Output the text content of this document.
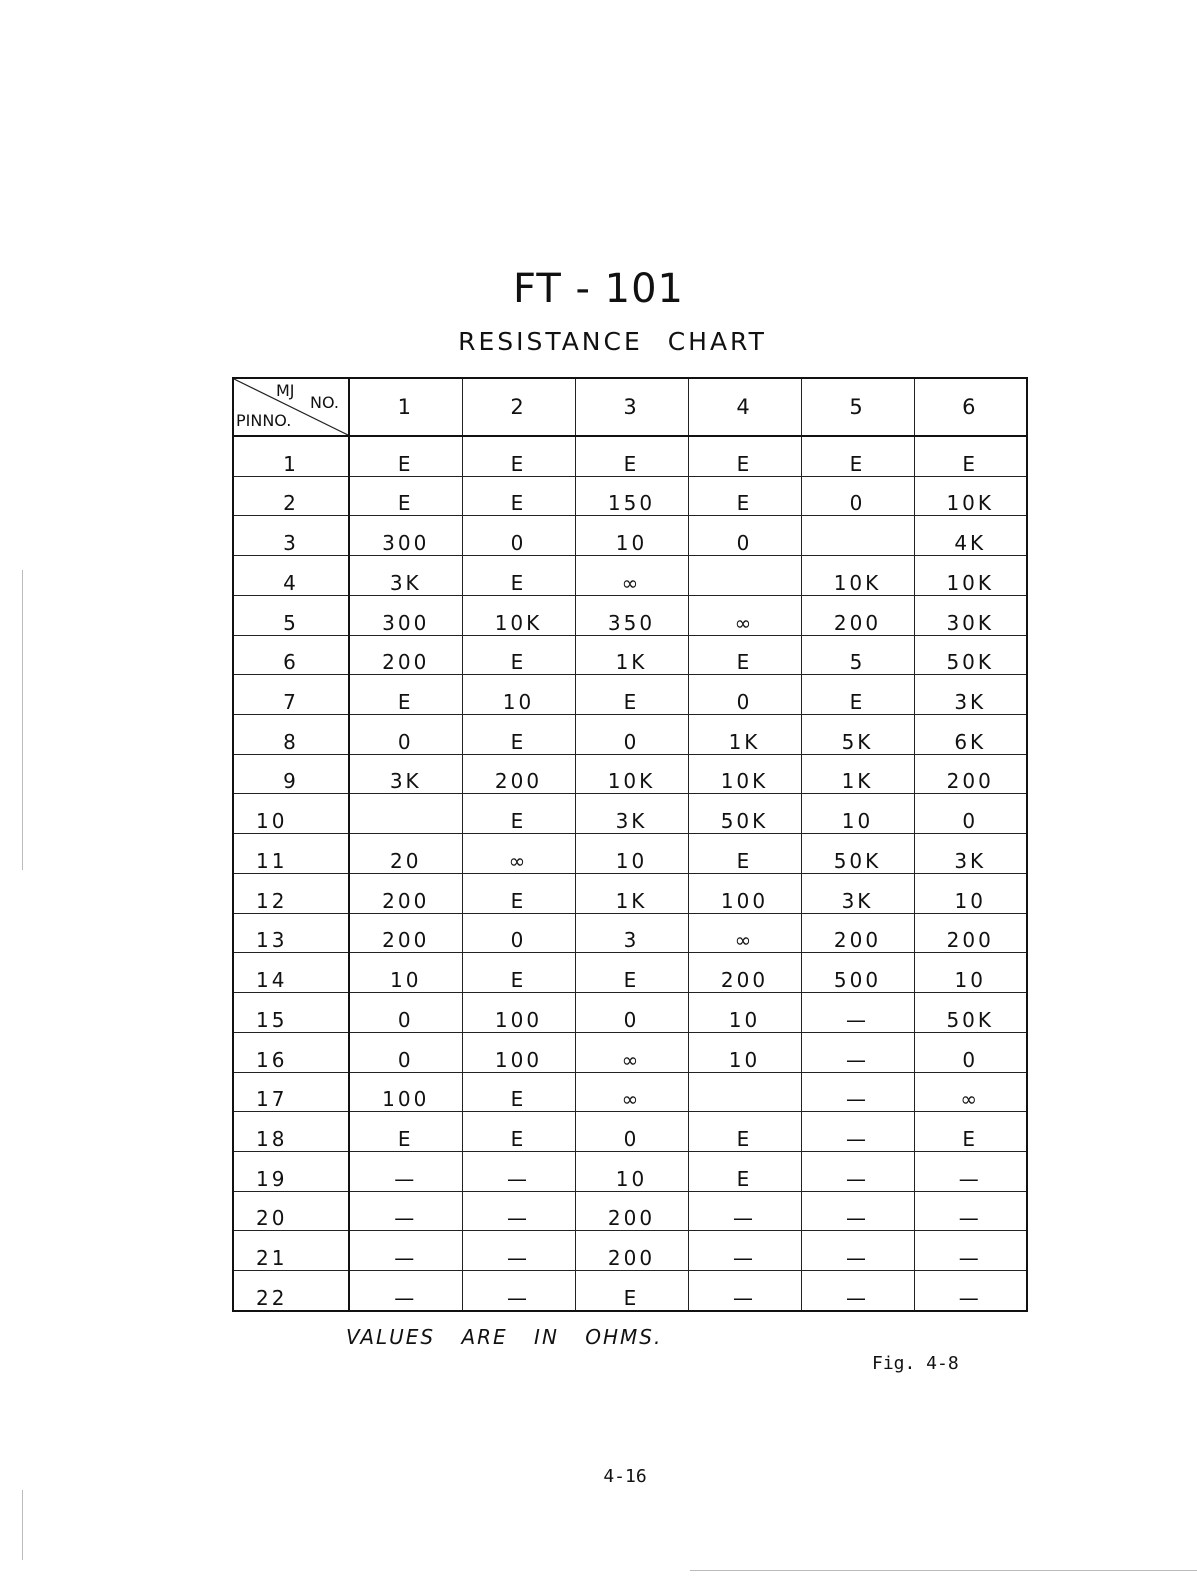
FT - 101
RESISTANCE CHART
MJ
NO.
PINNO.	1	2	3	4	5	6
1	E	E	E	E	E	E
2	E	E	150	E	0	10K
3	300	0	10	0		4K
4	3K	E	∞		10K	10K
5	300	10K	350	∞	200	30K
6	200	E	1K	E	5	50K
7	E	10	E	0	E	3K
8	0	E	0	1K	5K	6K
9	3K	200	10K	10K	1K	200
10		E	3K	50K	10	0
11	20	∞	10	E	50K	3K
12	200	E	1K	100	3K	10
13	200	0	3	∞	200	200
14	10	E	E	200	500	10
15	0	100	0	10	—	50K
16	0	100	∞	10	—	0
17	100	E	∞		—	∞
18	E	E	0	E	—	E
19	—	—	10	E	—	—
20	—	—	200	—	—	—
21	—	—	200	—	—	—
22	—	—	E	—	—	—
VALUES ARE IN OHMS.
Fig. 4-8
4-16
